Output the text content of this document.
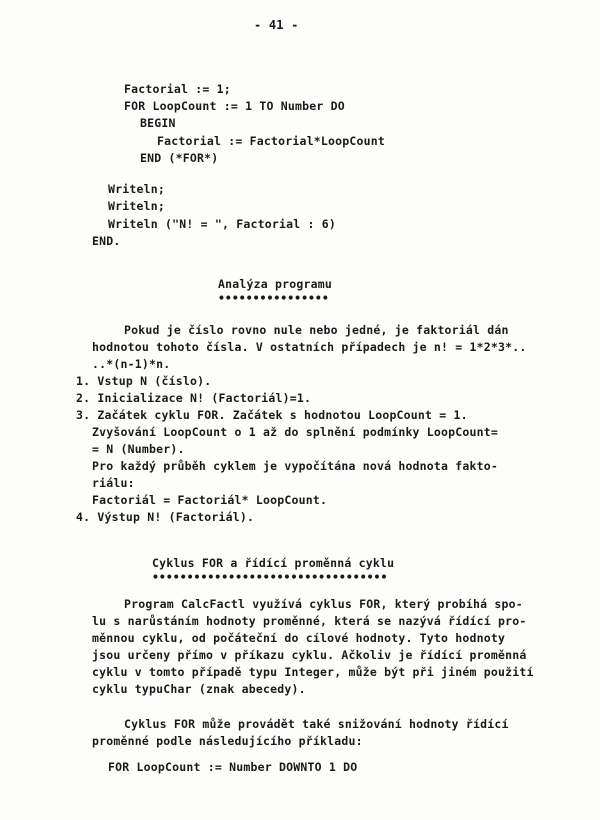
- 41 -
Factorial := 1;
FOR LoopCount := 1 TO Number DO
BEGIN
Factorial := Factorial*LoopCount
END (*FOR*)
Writeln;
Writeln;
Writeln ("N! = ", Factorial : 6)
END.
Analýza programu
••••••••••••••••
Pokud je číslo rovno nule nebo jedné, je faktoriál dán
hodnotou tohoto čísla. V ostatních případech je n! = 1*2*3*..
..*(n-1)*n.
1. Vstup N (číslo).
2. Inicializace N! (Factoriál)=1.
3. Začátek cyklu FOR. Začátek s hodnotou LoopCount = 1.
Zvyšování LoopCount o 1 až do splnění podmínky LoopCount=
= N (Number).
Pro každý průběh cyklem je vypočítána nová hodnota fakto-
riálu:
Factoriál = Factoriál* LoopCount.
4. Výstup N! (Factoriál).
Cyklus FOR a řídící proměnná cyklu
••••••••••••••••••••••••••••••••••
Program CalcFactl využívá cyklus FOR, který probíhá spo-
lu s narůstáním hodnoty proměnné, která se nazývá řídící pro-
měnnou cyklu, od počáteční do cílové hodnoty. Tyto hodnoty
jsou určeny přímo v příkazu cyklu. Ačkoliv je řídící proměnná
cyklu v tomto případě typu Integer, může být při jiném použití
cyklu typuChar (znak abecedy).
Cyklus FOR může provádět také snižování hodnoty řídící
proměnné podle následujícího příkladu:
FOR LoopCount := Number DOWNTO 1 DO
